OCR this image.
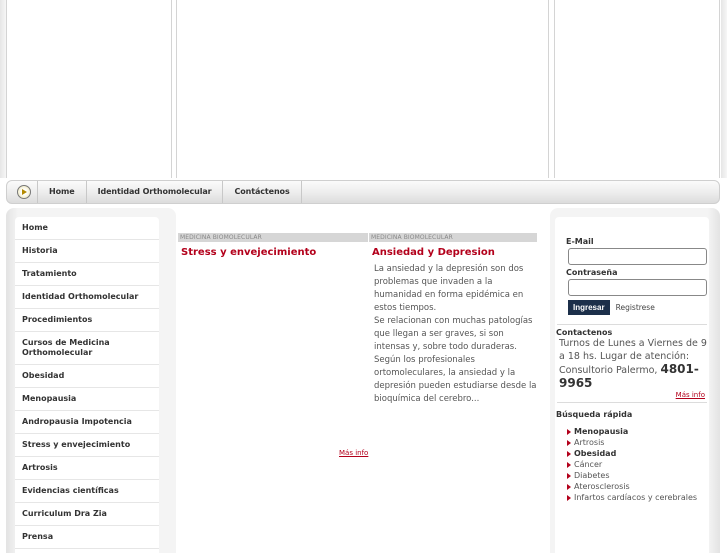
Home	Identidad Orthomolecular	Contáctenos
Home
Historia
Tratamiento
Identidad Orthomolecular
Procedimientos
Cursos de Medicina Orthomolecular
Obesidad
Menopausia
Andropausia Impotencia
Stress y envejecimiento
Artrosis
Evidencias científicas
Curriculum Dra Zia
Prensa
MEDICINA BIOMOLECULAR
Stress y envejecimiento
MEDICINA BIOMOLECULAR
Ansiedad y Depresion
La ansiedad y la depresión son dos problemas que invaden a la humanidad en forma epidémica en estos tiempos.
Se relacionan con muchas patologías que llegan a ser graves, si son intensas y, sobre todo duraderas. Según los profesionales ortomoleculares, la ansiedad y la depresión pueden estudiarse desde la bioquímica del cerebro...
Más info
E-Mail
Contraseña
Ingresar	Registrese
Contactenos
Turnos de Lunes a Viernes de 9 a 18 hs. Lugar de atención: Consultorio Palermo, 4801-9965
Más info
Búsqueda rápida
Menopausia
Artrosis
Obesidad
Cáncer
Diabetes
Aterosclerosis
Infartos cardíacos y cerebrales
